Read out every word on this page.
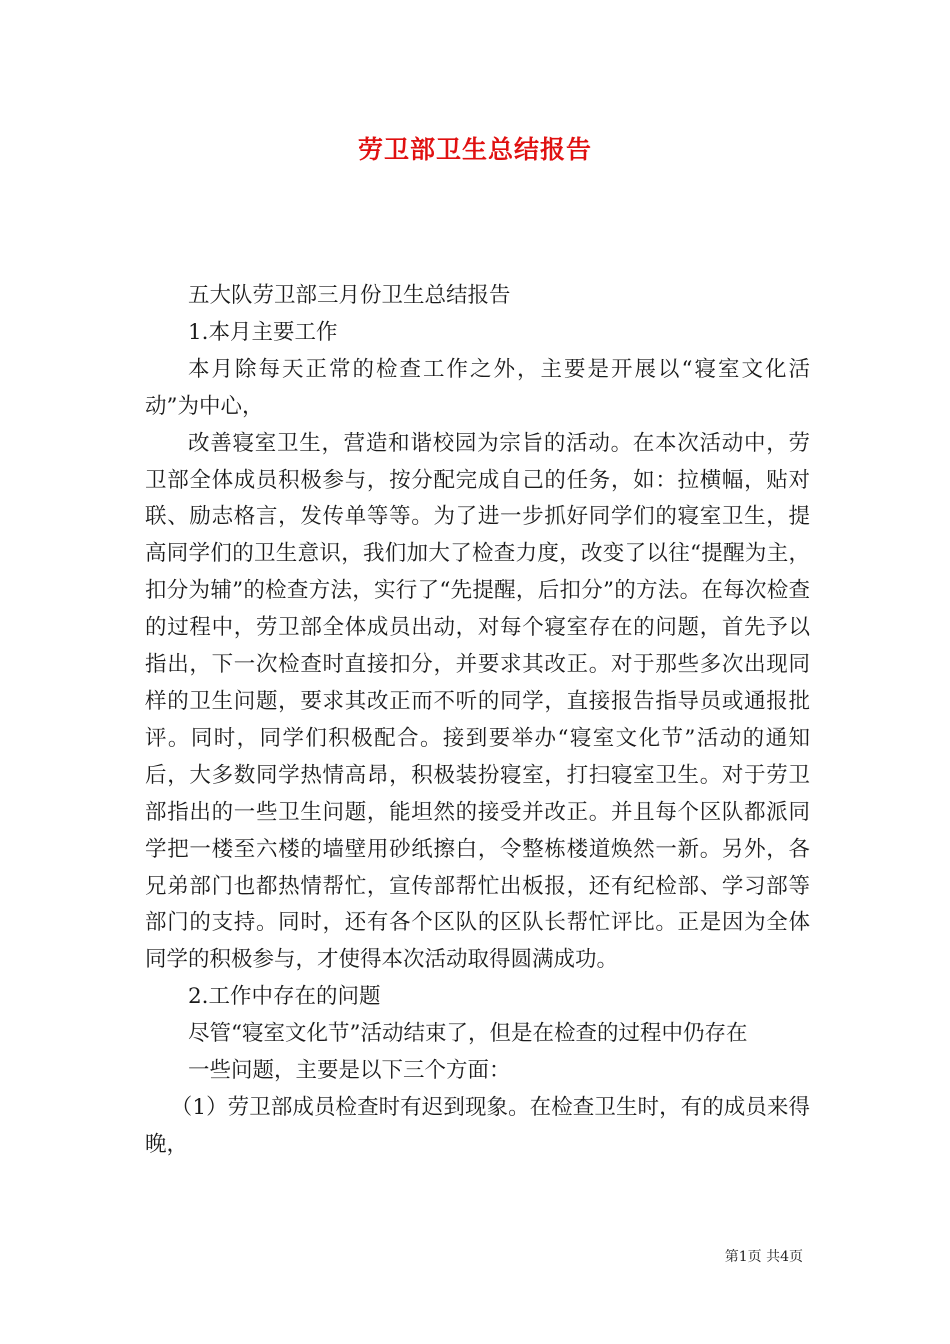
劳卫部卫生总结报告

五大队劳卫部三月份卫生总结报告

1.本月主要工作

本月除每天正常的检查工作之外，主要是开展以“寝室文化活动”为中心，

改善寝室卫生，营造和谐校园为宗旨的活动。在本次活动中，劳卫部全体成员积极参与，按分配完成自己的任务，如：拉横幅，贴对联、励志格言，发传单等等。为了进一步抓好同学们的寝室卫生，提高同学们的卫生意识，我们加大了检查力度，改变了以往“提醒为主，扣分为辅”的检查方法，实行了“先提醒，后扣分”的方法。在每次检查的过程中，劳卫部全体成员出动，对每个寝室存在的问题，首先予以指出，下一次检查时直接扣分，并要求其改正。对于那些多次出现同样的卫生问题，要求其改正而不听的同学，直接报告指导员或通报批评。同时，同学们积极配合。接到要举办“寝室文化节”活动的通知后，大多数同学热情高昂，积极装扮寝室，打扫寝室卫生。对于劳卫部指出的一些卫生问题，能坦然的接受并改正。并且每个区队都派同学把一楼至六楼的墙壁用砂纸擦白，令整栋楼道焕然一新。另外，各兄弟部门也都热情帮忙，宣传部帮忙出板报，还有纪检部、学习部等部门的支持。同时，还有各个区队的区队长帮忙评比。正是因为全体同学的积极参与，才使得本次活动取得圆满成功。

2.工作中存在的问题

尽管“寝室文化节”活动结束了，但是在检查的过程中仍存在

一些问题，主要是以下三个方面：

（1）劳卫部成员检查时有迟到现象。在检查卫生时，有的成员来得晚，

第1页 共4页
